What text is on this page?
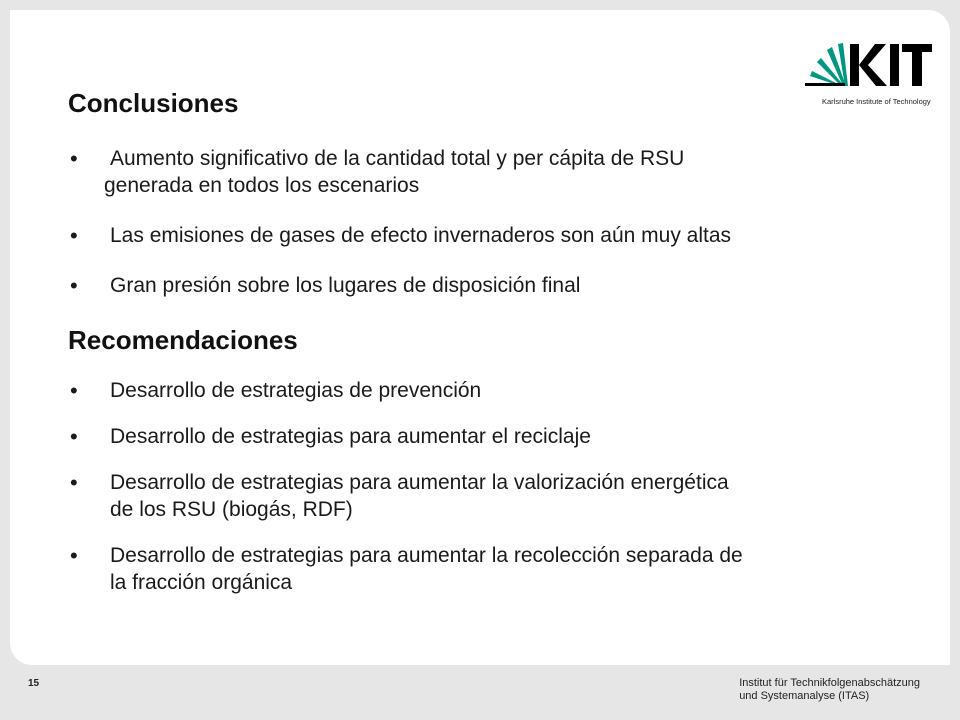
Karlsruhe Institute of Technology
Conclusiones
• Aumento significativo de la cantidad total y per cápita de RSU
generada en todos los escenarios
• Las emisiones de gases de efecto invernaderos son aún muy altas
• Gran presión sobre los lugares de disposición final
Recomendaciones
• Desarrollo de estrategias de prevención
• Desarrollo de estrategias para aumentar el reciclaje
• Desarrollo de estrategias para aumentar la valorización energética
de los RSU (biogás, RDF)
• Desarrollo de estrategias para aumentar la recolección separada de
la fracción orgánica
15	Institut für Technikfolgenabschätzung
und Systemanalyse (ITAS)
